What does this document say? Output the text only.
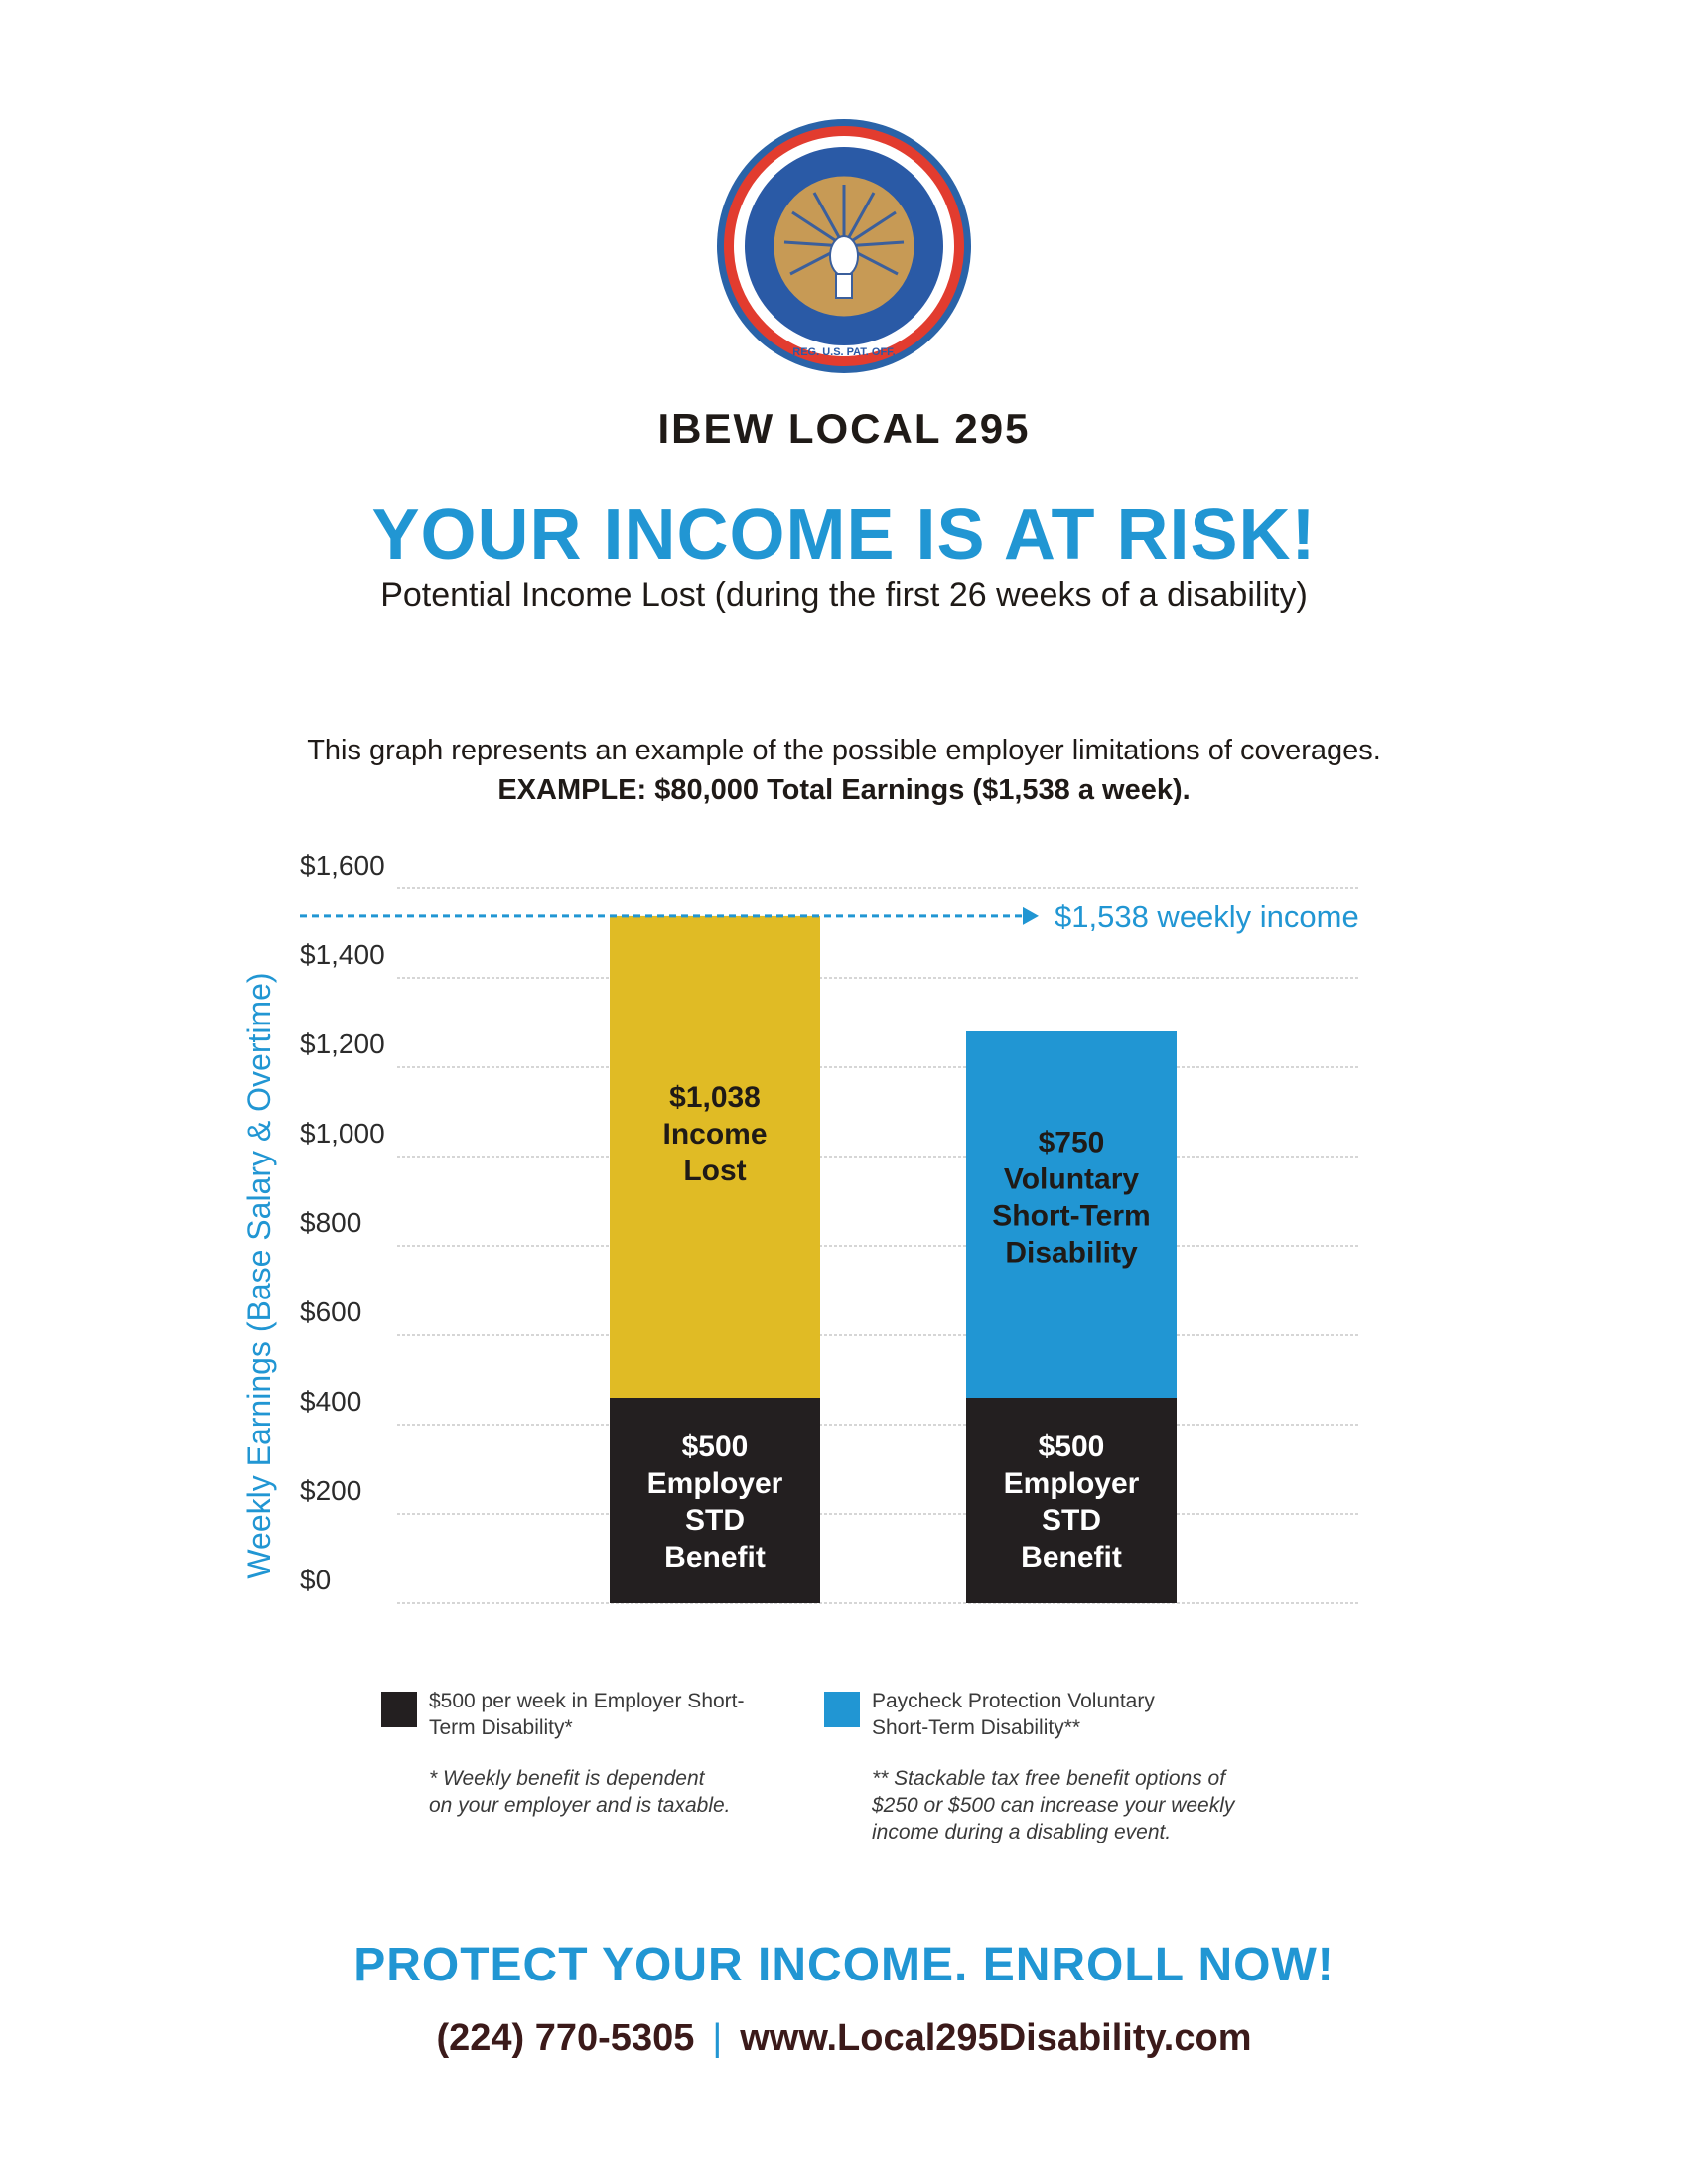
REG. U.S. PAT. OFF.
IBEW LOCAL 295
YOUR INCOME IS AT RISK!
Potential Income Lost (during the first 26 weeks of a disability)
This graph represents an example of the possible employer limitations of coverages.
EXAMPLE: $80,000 Total Earnings ($1,538 a week).
$0
$200
$400
$600
$800
$1,000
$1,200
$1,400
$1,600
Weekly Earnings (Base Salary & Overtime)	$500 Employer STD Benefit
$1,038 Income Lost
$500 Employer STD Benefit
$750 Voluntary Short-Term Disability
$1,538 weekly income
$500 per week in Employer Short-Term Disability*
* Weekly benefit is dependent
on your employer and is taxable.
Paycheck Protection Voluntary Short-Term Disability**
** Stackable tax free benefit options of
$250 or $500 can increase your weekly
income during a disabling event.
PROTECT YOUR INCOME. ENROLL NOW!
(224) 770-5305 | www.Local295Disability.com
